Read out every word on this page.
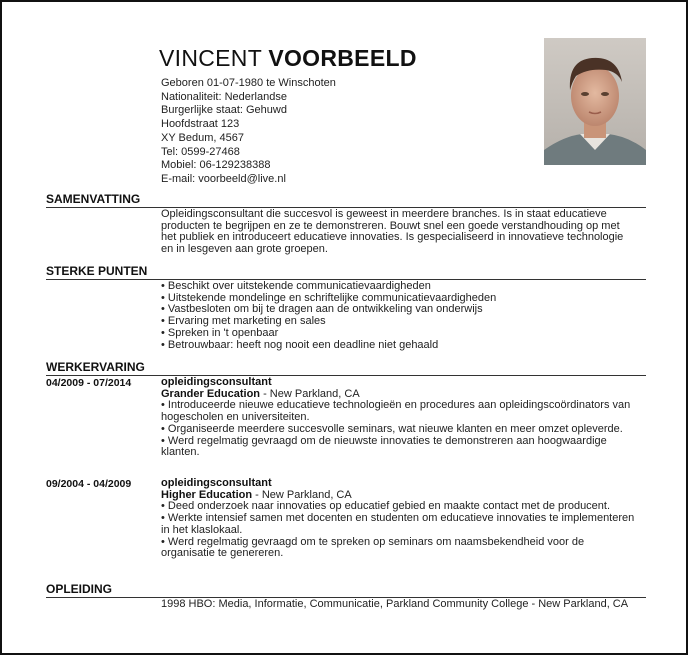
VINCENT VOORBEELD
Geboren 01-07-1980 te Winschoten
Nationaliteit: Nederlandse
Burgerlijke staat: Gehuwd
Hoofdstraat 123
XY Bedum, 4567
Tel: 0599-27468
Mobiel: 06-129238388
E-mail: voorbeeld@live.nl
SAMENVATTING

Opleidingsconsultant die succesvol is geweest in meerdere branches. Is in staat educatieve producten te begrijpen en ze te demonstreren. Bouwt snel een goede verstandhouding op met het publiek en introduceert educatieve innovaties. Is gespecialiseerd in innovatieve technologie en in lesgeven aan grote groepen.

STERKE PUNTEN
• Beschikt over uitstekende communicatievaardigheden
• Uitstekende mondelinge en schriftelijke communicatievaardigheden
• Vastbesloten om bij te dragen aan de ontwikkeling van onderwijs
• Ervaring met marketing en sales
• Spreken in 't openbaar
• Betrouwbaar: heeft nog nooit een deadline niet gehaald
WERKERVARING
04/2009 - 07/2014	opleidingsconsultant

Grander Education - New Parkland, CA

• Introduceerde nieuwe educatieve technologieën en procedures aan opleidingscoördinators van hogescholen en universiteiten.

• Organiseerde meerdere succesvolle seminars, wat nieuwe klanten en meer omzet opleverde.

• Werd regelmatig gevraagd om de nieuwste innovaties te demonstreren aan hoogwaardige klanten.

09/2004 - 04/2009	opleidingsconsultant

Higher Education - New Parkland, CA

• Deed onderzoek naar innovaties op educatief gebied en maakte contact met de producent.

• Werkte intensief samen met docenten en studenten om educatieve innovaties te implementeren in het klaslokaal.

• Werd regelmatig gevraagd om te spreken op seminars om naamsbekendheid voor de organisatie te genereren.

OPLEIDING

1998 HBO: Media, Informatie, Communicatie, Parkland Community College - New Parkland, CA
